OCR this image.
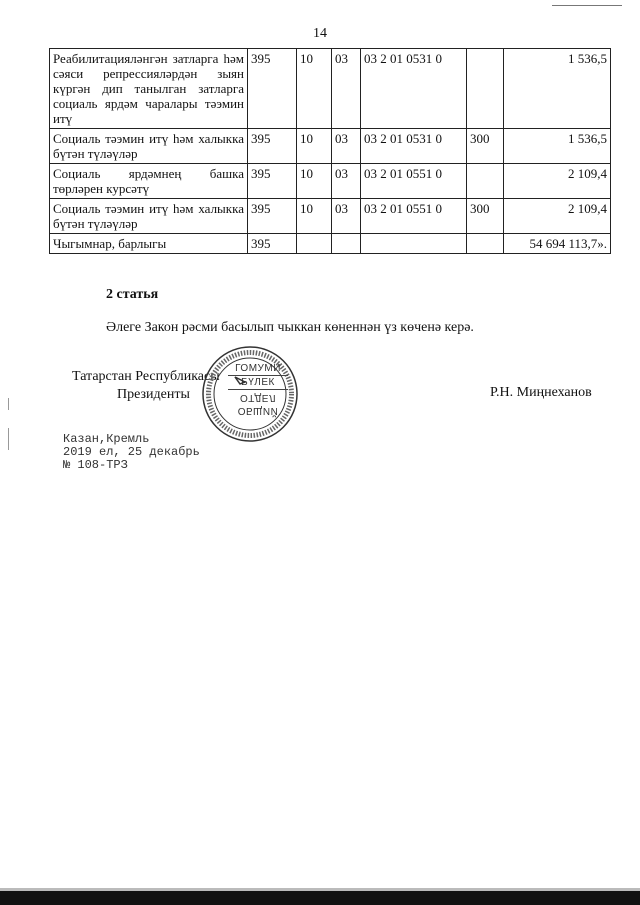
14
Реабилитацияләнгән затларга һәм сәяси репрессияләрдән зыян күргән дип танылган затларга социаль ярдәм чаралары тәэмин итү	395	10	03	03 2 01 0531 0		1 536,5
Социаль тәэмин итү һәм халыкка бүтән түләүләр	395	10	03	03 2 01 0531 0	300	1 536,5
Социаль ярдәмнең башка төрләрен курсәтү	395	10	03	03 2 01 0551 0		2 109,4
Социаль тәэмин итү һәм халыкка бүтән түләүләр	395	10	03	03 2 01 0551 0	300	2 109,4
Чыгымнар, барлыгы	395					54 694 113,7».
2 статья
Әлеге Закон рәсми басылып чыккан көненнән үз көченә керә.
Татарстан Республикасы
Президенты
ГОМУМИ
БҮЛЕК
ОТДЕЛ
ОБЩИЙ
Р.Н. Миңнеханов
Казан,Кремль
2019 ел, 25 декабрь
№ 108-ТРЗ
